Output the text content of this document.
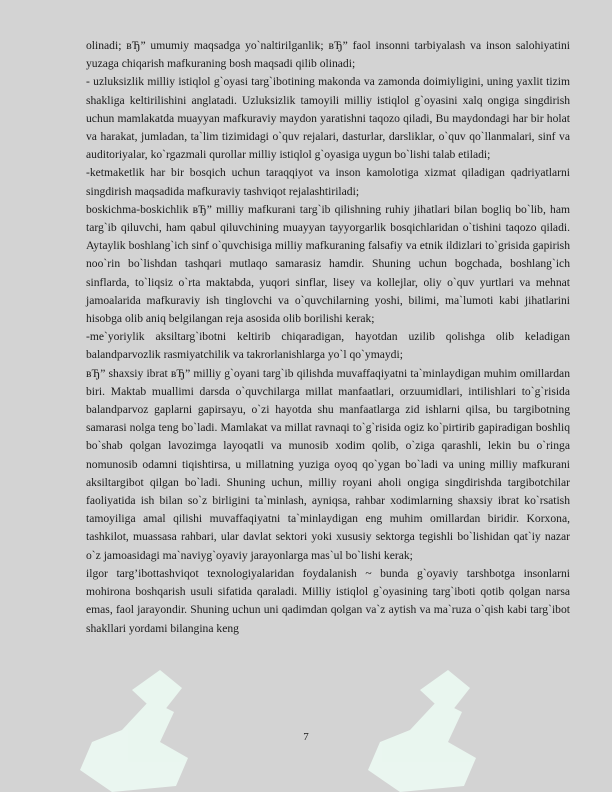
olinadi; вЂ” umumiy maqsadga yo`naltirilganlik; вЂ” faol insonni tarbiyalash va inson salohiyatini yuzaga chiqarish mafkuraning bosh maqsadi qilib olinadi;

- uzluksizlik milliy istiqlol g`oyasi targ`ibotining makonda va zamonda doimiyligini, uning yaxlit tizim shakliga keltirilishini anglatadi. Uzluksizlik tamoyili milliy istiqlol g`oyasini xalq ongiga singdirish uchun mamlakatda muayyan mafkuraviy maydon yaratishni taqozo qiladi, Bu maydondagi har bir holat va harakat, jumladan, ta`lim tizimidagi o`quv rejalari, dasturlar, darsliklar, o`quv qo`llanmalari, sinf va auditoriyalar, ko`rgazmali qurollar milliy istiqlol g`oyasiga uygun bo`lishi talab etiladi;

-ketmaketlik har bir bosqich uchun taraqqiyot va inson kamolotiga xizmat qiladigan qadriyatlarni singdirish maqsadida mafkuraviy tashviqot rejalashtiriladi;

boskichma-boskichlik вЂ” milliy mafkurani targ`ib qilishning ruhiy jihatlari bilan bogliq bo`lib, ham targ`ib qiluvchi, ham qabul qiluvchining muayyan tayyorgarlik bosqichlaridan o`tishini taqozo qiladi. Aytaylik boshlang`ich sinf o`quvchisiga milliy mafkuraning falsafiy va etnik ildizlari to`grisida gapirish noo`rin bo`lishdan tashqari mutlaqo samarasiz hamdir. Shuning uchun bogchada, boshlang`ich sinflarda, to`liqsiz o`rta maktabda, yuqori sinflar, lisey va kollejlar, oliy o`quv yurtlari va mehnat jamoalarida mafkuraviy ish tinglovchi va o`quvchilarning yoshi, bilimi, ma`lumoti kabi jihatlarini hisobga olib aniq belgilangan reja asosida olib borilishi kerak;

-me`yoriylik aksiltarg`ibotni keltirib chiqaradigan, hayotdan uzilib qolishga olib keladigan balandparvozlik rasmiyatchilik va takrorlanishlarga yo`l qo`ymaydi;

вЂ” shaxsiy ibrat вЂ” milliy g`oyani targ`ib qilishda muvaffaqiyatni ta`minlaydigan muhim omillardan biri. Maktab muallimi darsda o`quvchilarga millat manfaatlari, orzuumidlari, intilishlari to`g`risida balandparvoz gaplarni gapirsayu, o`zi hayotda shu manfaatlarga zid ishlarni qilsa, bu targibotning samarasi nolga teng bo`ladi. Mamlakat va millat ravnaqi to`g`risida ogiz ko`pirtirib gapiradigan boshliq bo`shab qolgan lavozimga layoqatli va munosib xodim qolib, o`ziga qarashli, lekin bu o`ringa nomunosib odamni tiqishtirsa, u millatning yuziga oyoq qo`ygan bo`ladi va uning milliy mafkurani aksiltargibot qilgan bo`ladi. Shuning uchun, milliy royani aholi ongiga singdirishda targibotchilar faoliyatida ish bilan so`z birligini ta`minlash, ayniqsa, rahbar xodimlarning shaxsiy ibrat ko`rsatish tamoyiliga amal qilishi muvaffaqiyatni ta`minlaydigan eng muhim omillardan biridir. Korxona, tashkilot, muassasa rahbari, ular davlat sektori yoki xususiy sektorga tegishli bo`lishidan qat`iy nazar o`z jamoasidagi ma`naviyg`oyaviy jarayonlarga mas`ul bo`lishi kerak;

ilgor targ’ibottashviqot texnologiyalaridan foydalanish ~ bunda g`oyaviy tarshbotga insonlarni mohirona boshqarish usuli sifatida qaraladi. Milliy istiqlol g`oyasining targ`iboti qotib qolgan narsa emas, faol jarayondir. Shuning uchun uni qadimdan qolgan va`z aytish va ma`ruza o`qish kabi targ`ibot shakllari yordami bilangina keng

7
